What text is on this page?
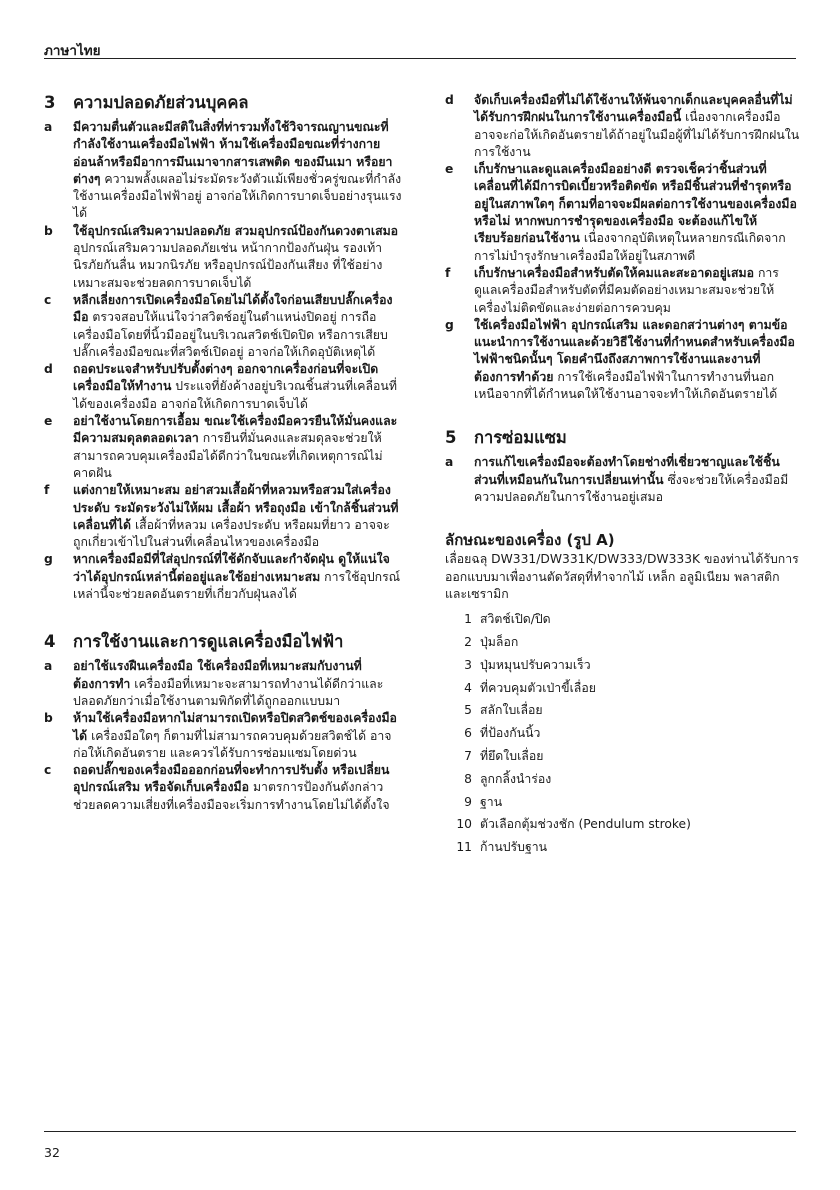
ภาษาไทย
3	ความปลอดภัยส่วนบุคคล
a	มีความตื่นตัวและมีสติในสิ่งที่ท่ารวมทั้งใช้วิจารณญานขณะที่กำลังใช้งานเครื่องมือไฟฟ้า ห้ามใช้เครื่องมือขณะที่ร่างกายอ่อนล้าหรือมีอาการมึนเมาจากสารเสพติด ของมึนเมา หรือยาต่างๆ ความพลั้งเผลอไม่ระมัดระวังตัวแม้เพียงชั่วครู่ขณะที่กำลังใช้งานเครื่องมือไฟฟ้าอยู่ อาจก่อให้เกิดการบาดเจ็บอย่างรุนแรงได้
b	ใช้อุปกรณ์เสริมความปลอดภัย สวมอุปกรณ์ป้องกันดวงตาเสมอ อุปกรณ์เสริมความปลอดภัยเช่น หน้ากากป้องกันฝุ่น รองเท้านิรภัยกันลื่น หมวกนิรภัย หรืออุปกรณ์ป้องกันเสียง ที่ใช้อย่างเหมาะสมจะช่วยลดการบาดเจ็บได้
c	หลีกเลี่ยงการเปิดเครื่องมือโดยไม่ได้ตั้งใจก่อนเสียบปลั๊กเครื่องมือ ตรวจสอบให้แน่ใจว่าสวิตช์อยู่ในตำแหน่งปิดอยู่ การถือเครื่องมือโดยที่นิ้วมืออยู่ในบริเวณสวิตช์เปิดปิด หรือการเสียบปลั๊กเครื่องมือขณะที่สวิตช์เปิดอยู่ อาจก่อให้เกิดอุบัติเหตุได้
d	ถอดประแจสำหรับปรับตั้งต่างๆ ออกจากเครื่องก่อนที่จะเปิดเครื่องมือให้ทำงาน ประแจที่ยังค้างอยู่บริเวณชิ้นส่วนที่เคลื่อนที่ได้ของเครื่องมือ อาจก่อให้เกิดการบาดเจ็บได้
e	อย่าใช้งานโดยการเอื้อม ขณะใช้เครื่องมือควรยืนให้มั่นคงและมีความสมดุลตลอดเวลา การยืนที่มั่นคงและสมดุลจะช่วยให้สามารถควบคุมเครื่องมือได้ดีกว่าในขณะที่เกิดเหตุการณ์ไม่คาดฝัน
f	แต่งกายให้เหมาะสม อย่าสวมเสื้อผ้าที่หลวมหรือสวมใส่เครื่องประดับ ระมัดระวังไม่ให้ผม เสื้อผ้า หรือถุงมือ เข้าใกล้ชิ้นส่วนที่เคลื่อนที่ได้ เสื้อผ้าที่หลวม เครื่องประดับ หรือผมที่ยาว อาจจะถูกเกี่ยวเข้าไปในส่วนที่เคลื่อนไหวของเครื่องมือ
g	หากเครื่องมือมีที่ใส่อุปกรณ์ที่ใช้ดักจับและกำจัดฝุ่น ดูให้แน่ใจว่าได้อุปกรณ์เหล่านี้ต่ออยู่และใช้อย่างเหมาะสม การใช้อุปกรณ์เหล่านี้จะช่วยลดอันตรายที่เกี่ยวกับฝุ่นลงได้
4	การใช้งานและการดูแลเครื่องมือไฟฟ้า
a	อย่าใช้แรงฝืนเครื่องมือ ใช้เครื่องมือที่เหมาะสมกับงานที่ต้องการทำ เครื่องมือที่เหมาะจะสามารถทำงานได้ดีกว่าและปลอดภัยกว่าเมื่อใช้งานตามพิกัดที่ได้ถูกออกแบบมา
b	ห้ามใช้เครื่องมือหากไม่สามารถเปิดหรือปิดสวิตช์ของเครื่องมือได้ เครื่องมือใดๆ ก็ตามที่ไม่สามารถควบคุมด้วยสวิตช์ได้ อาจก่อให้เกิดอันตราย และควรได้รับการซ่อมแซมโดยด่วน
c	ถอดปลั๊กของเครื่องมือออกก่อนที่จะทำการปรับตั้ง หรือเปลี่ยนอุปกรณ์เสริม หรือจัดเก็บเครื่องมือ มาตรการป้องกันดังกล่าวช่วยลดความเสี่ยงที่เครื่องมือจะเริ่มการทำงานโดยไม่ได้ตั้งใจ
d	จัดเก็บเครื่องมือที่ไม่ได้ใช้งานให้พ้นจากเด็กและบุคคลอื่นที่ไม่ได้รับการฝึกฝนในการใช้งานเครื่องมือนี้ เนื่องจากเครื่องมืออาจจะก่อให้เกิดอันตรายได้ถ้าอยู่ในมือผู้ที่ไม่ได้รับการฝึกฝนในการใช้งาน
e	เก็บรักษาและดูแลเครื่องมืออย่างดี ตรวจเช็คว่าชิ้นส่วนที่เคลื่อนที่ได้มีการบิดเบี้ยวหรือติดขัด หรือมีชิ้นส่วนที่ชำรุดหรืออยู่ในสภาพใดๆ ก็ตามที่อาจจะมีผลต่อการใช้งานของเครื่องมือหรือไม่ หากพบการชำรุดของเครื่องมือ จะต้องแก้ไขให้เรียบร้อยก่อนใช้งาน เนื่องจากอุบัติเหตุในหลายกรณีเกิดจากการไม่บำรุงรักษาเครื่องมือให้อยู่ในสภาพดี
f	เก็บรักษาเครื่องมือสำหรับตัดให้คมและสะอาดอยู่เสมอ การดูแลเครื่องมือสำหรับตัดที่มีคมตัดอย่างเหมาะสมจะช่วยให้เครื่องไม่ติดขัดและง่ายต่อการควบคุม
g	ใช้เครื่องมือไฟฟ้า อุปกรณ์เสริม และดอกสว่านต่างๆ ตามข้อแนะนำการใช้งานและด้วยวิธีใช้งานที่กำหนดสำหรับเครื่องมือไฟฟ้าชนิดนั้นๆ โดยคำนึงถึงสภาพการใช้งานและงานที่ต้องการทำด้วย การใช้เครื่องมือไฟฟ้าในการทำงานที่นอกเหนือจากที่ได้กำหนดให้ใช้งานอาจจะทำให้เกิดอันตรายได้
5	การซ่อมแซม
a	การแก้ไขเครื่องมือจะต้องทำโดยช่างที่เชี่ยวชาญและใช้ชิ้นส่วนที่เหมือนกันในการเปลี่ยนเท่านั้น ซึ่งจะช่วยให้เครื่องมือมีความปลอดภัยในการใช้งานอยู่เสมอ
ลักษณะของเครื่อง (รูป A)
เลื่อยฉลุ DW331/DW331K/DW333/DW333K ของท่านได้รับการออกแบบมาเพื่องานตัดวัสดุที่ทำจากไม้ เหล็ก อลูมิเนียม พลาสติก และเซรามิก
1 สวิตช์เปิด/ปิด
2 ปุ่มล็อก
3 ปุ่มหมุนปรับความเร็ว
4 ที่ควบคุมตัวเป่าขี้เลื่อย
5 สลักใบเลื่อย
6 ที่ป้องกันนิ้ว
7 ที่ยึดใบเลื่อย
8 ลูกกลิ้งนำร่อง
9 ฐาน
10 ตัวเลือกตุ้มช่วงชัก (Pendulum stroke)
11 ก้านปรับฐาน
32
